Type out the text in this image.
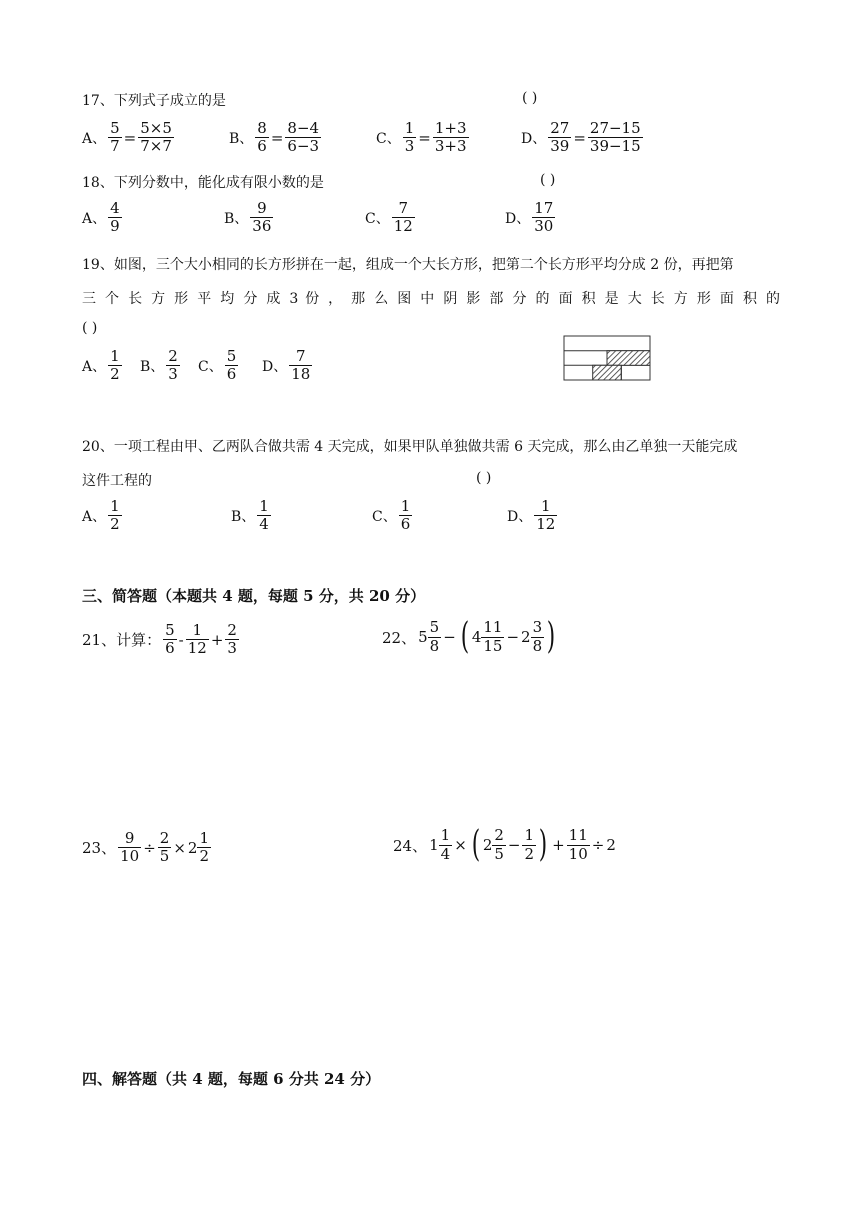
17、下列式子成立的是	( )
A、 $\frac{5}{7} = \frac{5\times 5}{7\times 7}$	B、 $\frac{8}{6} = \frac{8-4}{6-3}$	C、 $\frac{1}{3} = \frac{1+3}{3+3}$	D、 $\frac{27}{39} = \frac{27-15}{39-15}$
18、下列分数中，能化成有限小数的是	( )
A、 $\frac{4}{9}$	B、 $\frac{9}{36}$	C、 $\frac{7}{12}$	D、 $\frac{17}{30}$
19、如图，三个大小相同的长方形拼在一起，组成一个大长方形，把第二个长方形平均分成 2 份，再把第
三 个 长 方 形 平 均 分 成 3 份 ， 那 么 图 中 阴 影 部 分 的 面 积 是 大 长 方 形 面 积 的
( )
A、 $\frac{1}{2}$ B、 $\frac{2}{3}$ C、 $\frac{5}{6}$ D、 $\frac{7}{18}$
20、一项工程由甲、乙两队合做共需 4 天完成，如果甲队单独做共需 6 天完成，那么由乙单独一天能完成
这件工程的	( )
A、 $\frac{1}{2}$	B、 $\frac{1}{4}$	C、 $\frac{1}{6}$	D、 $\frac{1}{12}$
三、简答题（本题共 4 题，每题 5 分，共 20 分）
21、计算： $\frac{5}{6} - \frac{1}{12} + \frac{2}{3}$	22、 $5 \frac{5}{8}$ − ( $4 \frac{11}{15} - 2 \frac{3}{8}$ )
23、 $\frac{9}{10} \div \frac{2}{5} \times 2 \frac{1}{2}$	24、 $1 \frac{1}{4}$ × ( $2 \frac{2}{5} - \frac{1}{2}$ ) + $\frac{11}{10} \div 2$
四、解答题（共 4 题，每题 6 分共 24 分）
